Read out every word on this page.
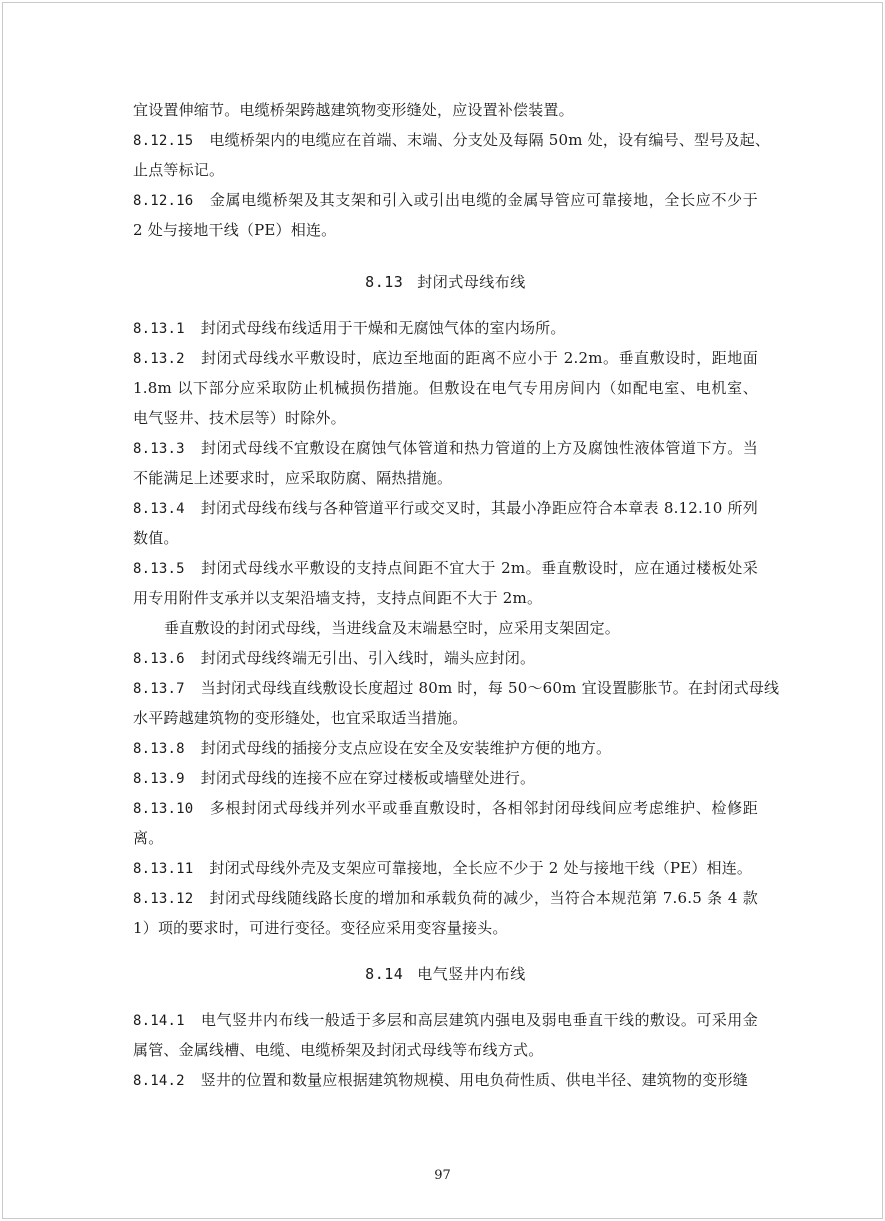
宜设置伸缩节。电缆桥架跨越建筑物变形缝处，应设置补偿装置。
8.12.15 电缆桥架内的电缆应在首端、末端、分支处及每隔 50m 处，设有编号、型号及起、
止点等标记。
8.12.16 金属电缆桥架及其支架和引入或引出电缆的金属导管应可靠接地，全长应不少于
2 处与接地干线（PE）相连。
8.13 封闭式母线布线
8.13.1 封闭式母线布线适用于干燥和无腐蚀气体的室内场所。
8.13.2 封闭式母线水平敷设时，底边至地面的距离不应小于 2.2m。垂直敷设时，距地面
1.8m 以下部分应采取防止机械损伤措施。但敷设在电气专用房间内（如配电室、电机室、
电气竖井、技术层等）时除外。
8.13.3 封闭式母线不宜敷设在腐蚀气体管道和热力管道的上方及腐蚀性液体管道下方。当
不能满足上述要求时，应采取防腐、隔热措施。
8.13.4 封闭式母线布线与各种管道平行或交叉时，其最小净距应符合本章表 8.12.10 所列
数值。
8.13.5 封闭式母线水平敷设的支持点间距不宜大于 2m。垂直敷设时，应在通过楼板处采
用专用附件支承并以支架沿墙支持，支持点间距不大于 2m。
垂直敷设的封闭式母线，当进线盒及末端悬空时，应采用支架固定。
8.13.6 封闭式母线终端无引出、引入线时，端头应封闭。
8.13.7 当封闭式母线直线敷设长度超过 80m 时，每 50～60m 宜设置膨胀节。在封闭式母线
水平跨越建筑物的变形缝处，也宜采取适当措施。
8.13.8 封闭式母线的插接分支点应设在安全及安装维护方便的地方。
8.13.9 封闭式母线的连接不应在穿过楼板或墙壁处进行。
8.13.10 多根封闭式母线并列水平或垂直敷设时，各相邻封闭母线间应考虑维护、检修距
离。
8.13.11 封闭式母线外壳及支架应可靠接地，全长应不少于 2 处与接地干线（PE）相连。
8.13.12 封闭式母线随线路长度的增加和承载负荷的减少，当符合本规范第 7.6.5 条 4 款
1）项的要求时，可进行变径。变径应采用变容量接头。
8.14 电气竖井内布线
8.14.1 电气竖井内布线一般适于多层和高层建筑内强电及弱电垂直干线的敷设。可采用金
属管、金属线槽、电缆、电缆桥架及封闭式母线等布线方式。
8.14.2 竖井的位置和数量应根据建筑物规模、用电负荷性质、供电半径、建筑物的变形缝
97
